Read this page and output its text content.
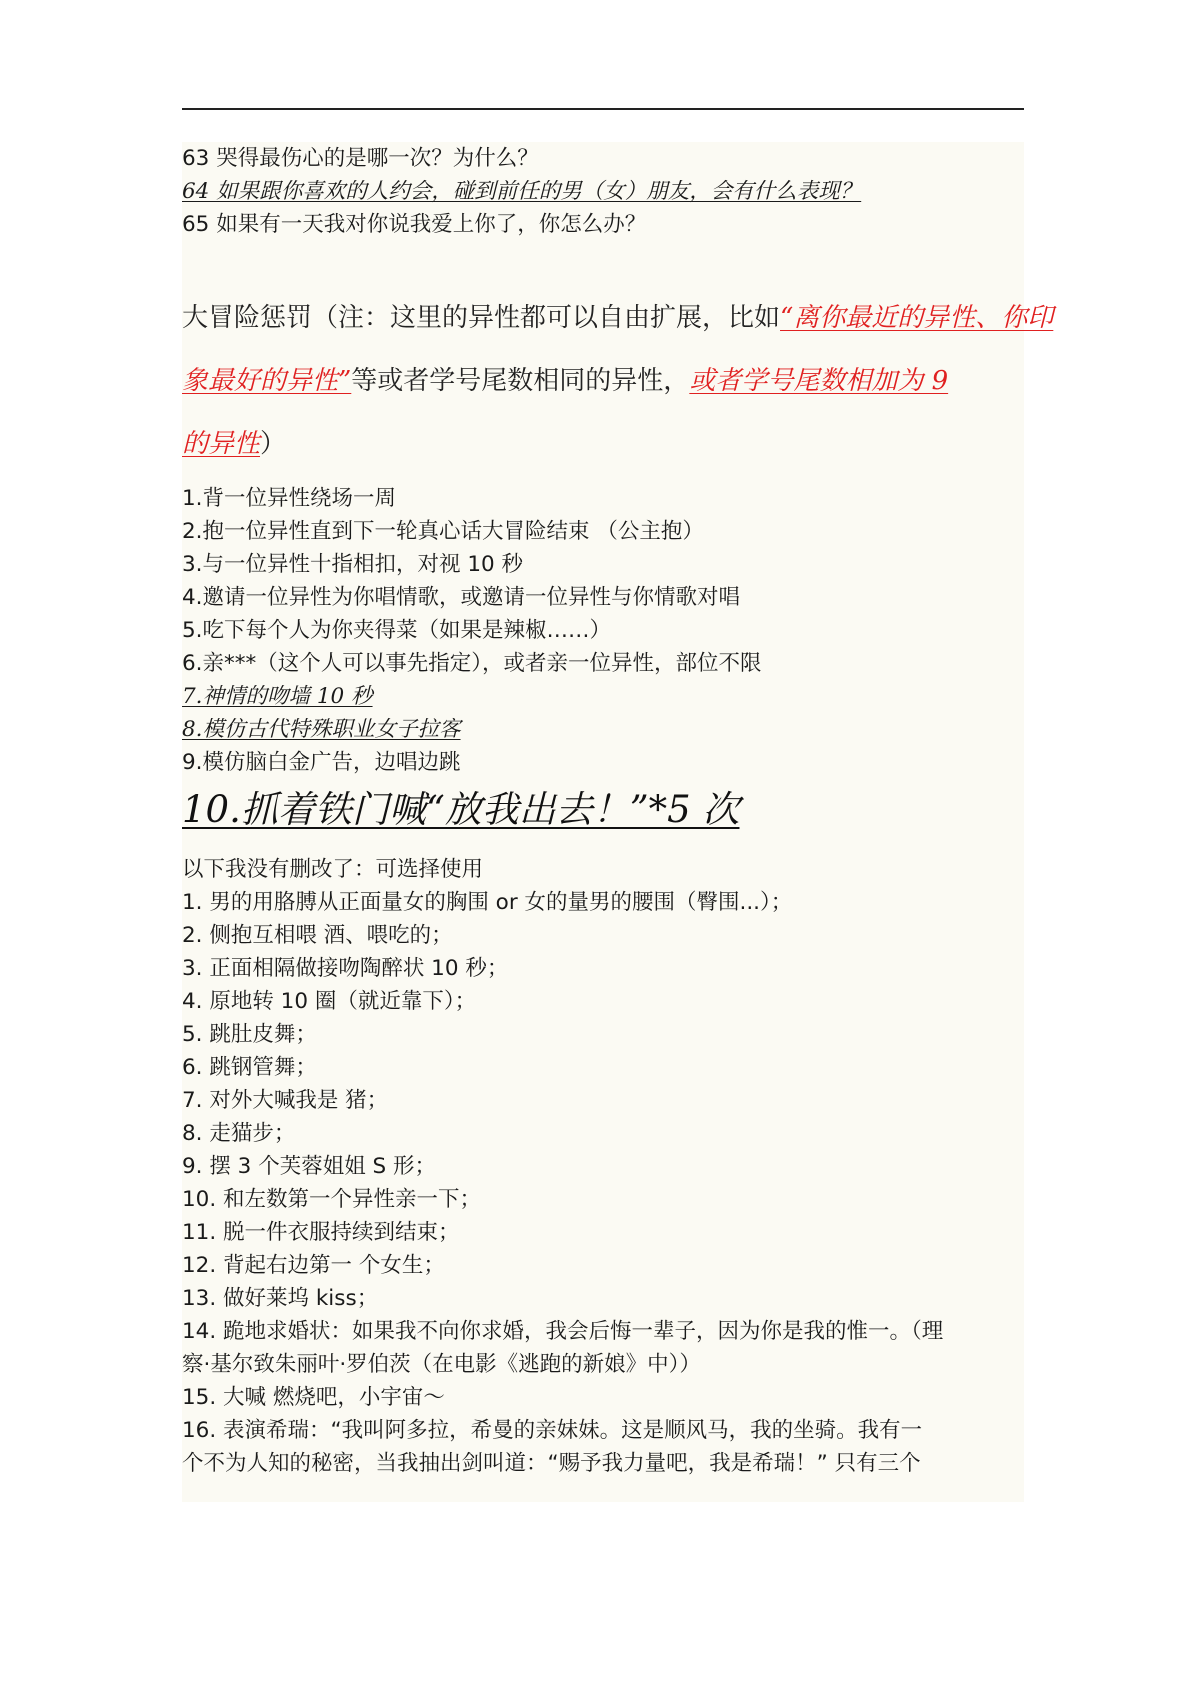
63 哭得最伤心的是哪一次？为什么？
64 如果跟你喜欢的人约会，碰到前任的男（女）朋友，会有什么表现？
65 如果有一天我对你说我爱上你了，你怎么办？
大冒险惩罚（注：这里的异性都可以自由扩展，比如“离你最近的异性、你印
象最好的异性”等或者学号尾数相同的异性，或者学号尾数相加为 9
的异性）
1.背一位异性绕场一周
2.抱一位异性直到下一轮真心话大冒险结束 （公主抱）
3.与一位异性十指相扣，对视 10 秒
4.邀请一位异性为你唱情歌，或邀请一位异性与你情歌对唱
5.吃下每个人为你夹得菜（如果是辣椒……）
6.亲***（这个人可以事先指定），或者亲一位异性，部位不限
7.神情的吻墙 10 秒
8.模仿古代特殊职业女子拉客
9.模仿脑白金广告，边唱边跳
10.抓着铁门喊“放我出去！”*5 次
以下我没有删改了：可选择使用
1. 男的用胳膊从正面量女的胸围 or 女的量男的腰围（臀围...）；
2. 侧抱互相喂 酒、喂吃的；
3. 正面相隔做接吻陶醉状 10 秒；
4. 原地转 10 圈（就近靠下）；
5. 跳肚皮舞；
6. 跳钢管舞；
7. 对外大喊我是 猪；
8. 走猫步；
9. 摆 3 个芙蓉姐姐 S 形；
10. 和左数第一个异性亲一下；
11. 脱一件衣服持续到结束；
12. 背起右边第一 个女生；
13. 做好莱坞 kiss；
14. 跪地求婚状：如果我不向你求婚，我会后悔一辈子，因为你是我的惟一。（理
察·基尔致朱丽叶·罗伯茨（在电影《逃跑的新娘》中））
15. 大喊 燃烧吧，小宇宙～
16. 表演希瑞：“我叫阿多拉，希曼的亲妹妹。这是顺风马，我的坐骑。我有一
个不为人知的秘密，当我抽出剑叫道：“赐予我力量吧，我是希瑞！” 只有三个
